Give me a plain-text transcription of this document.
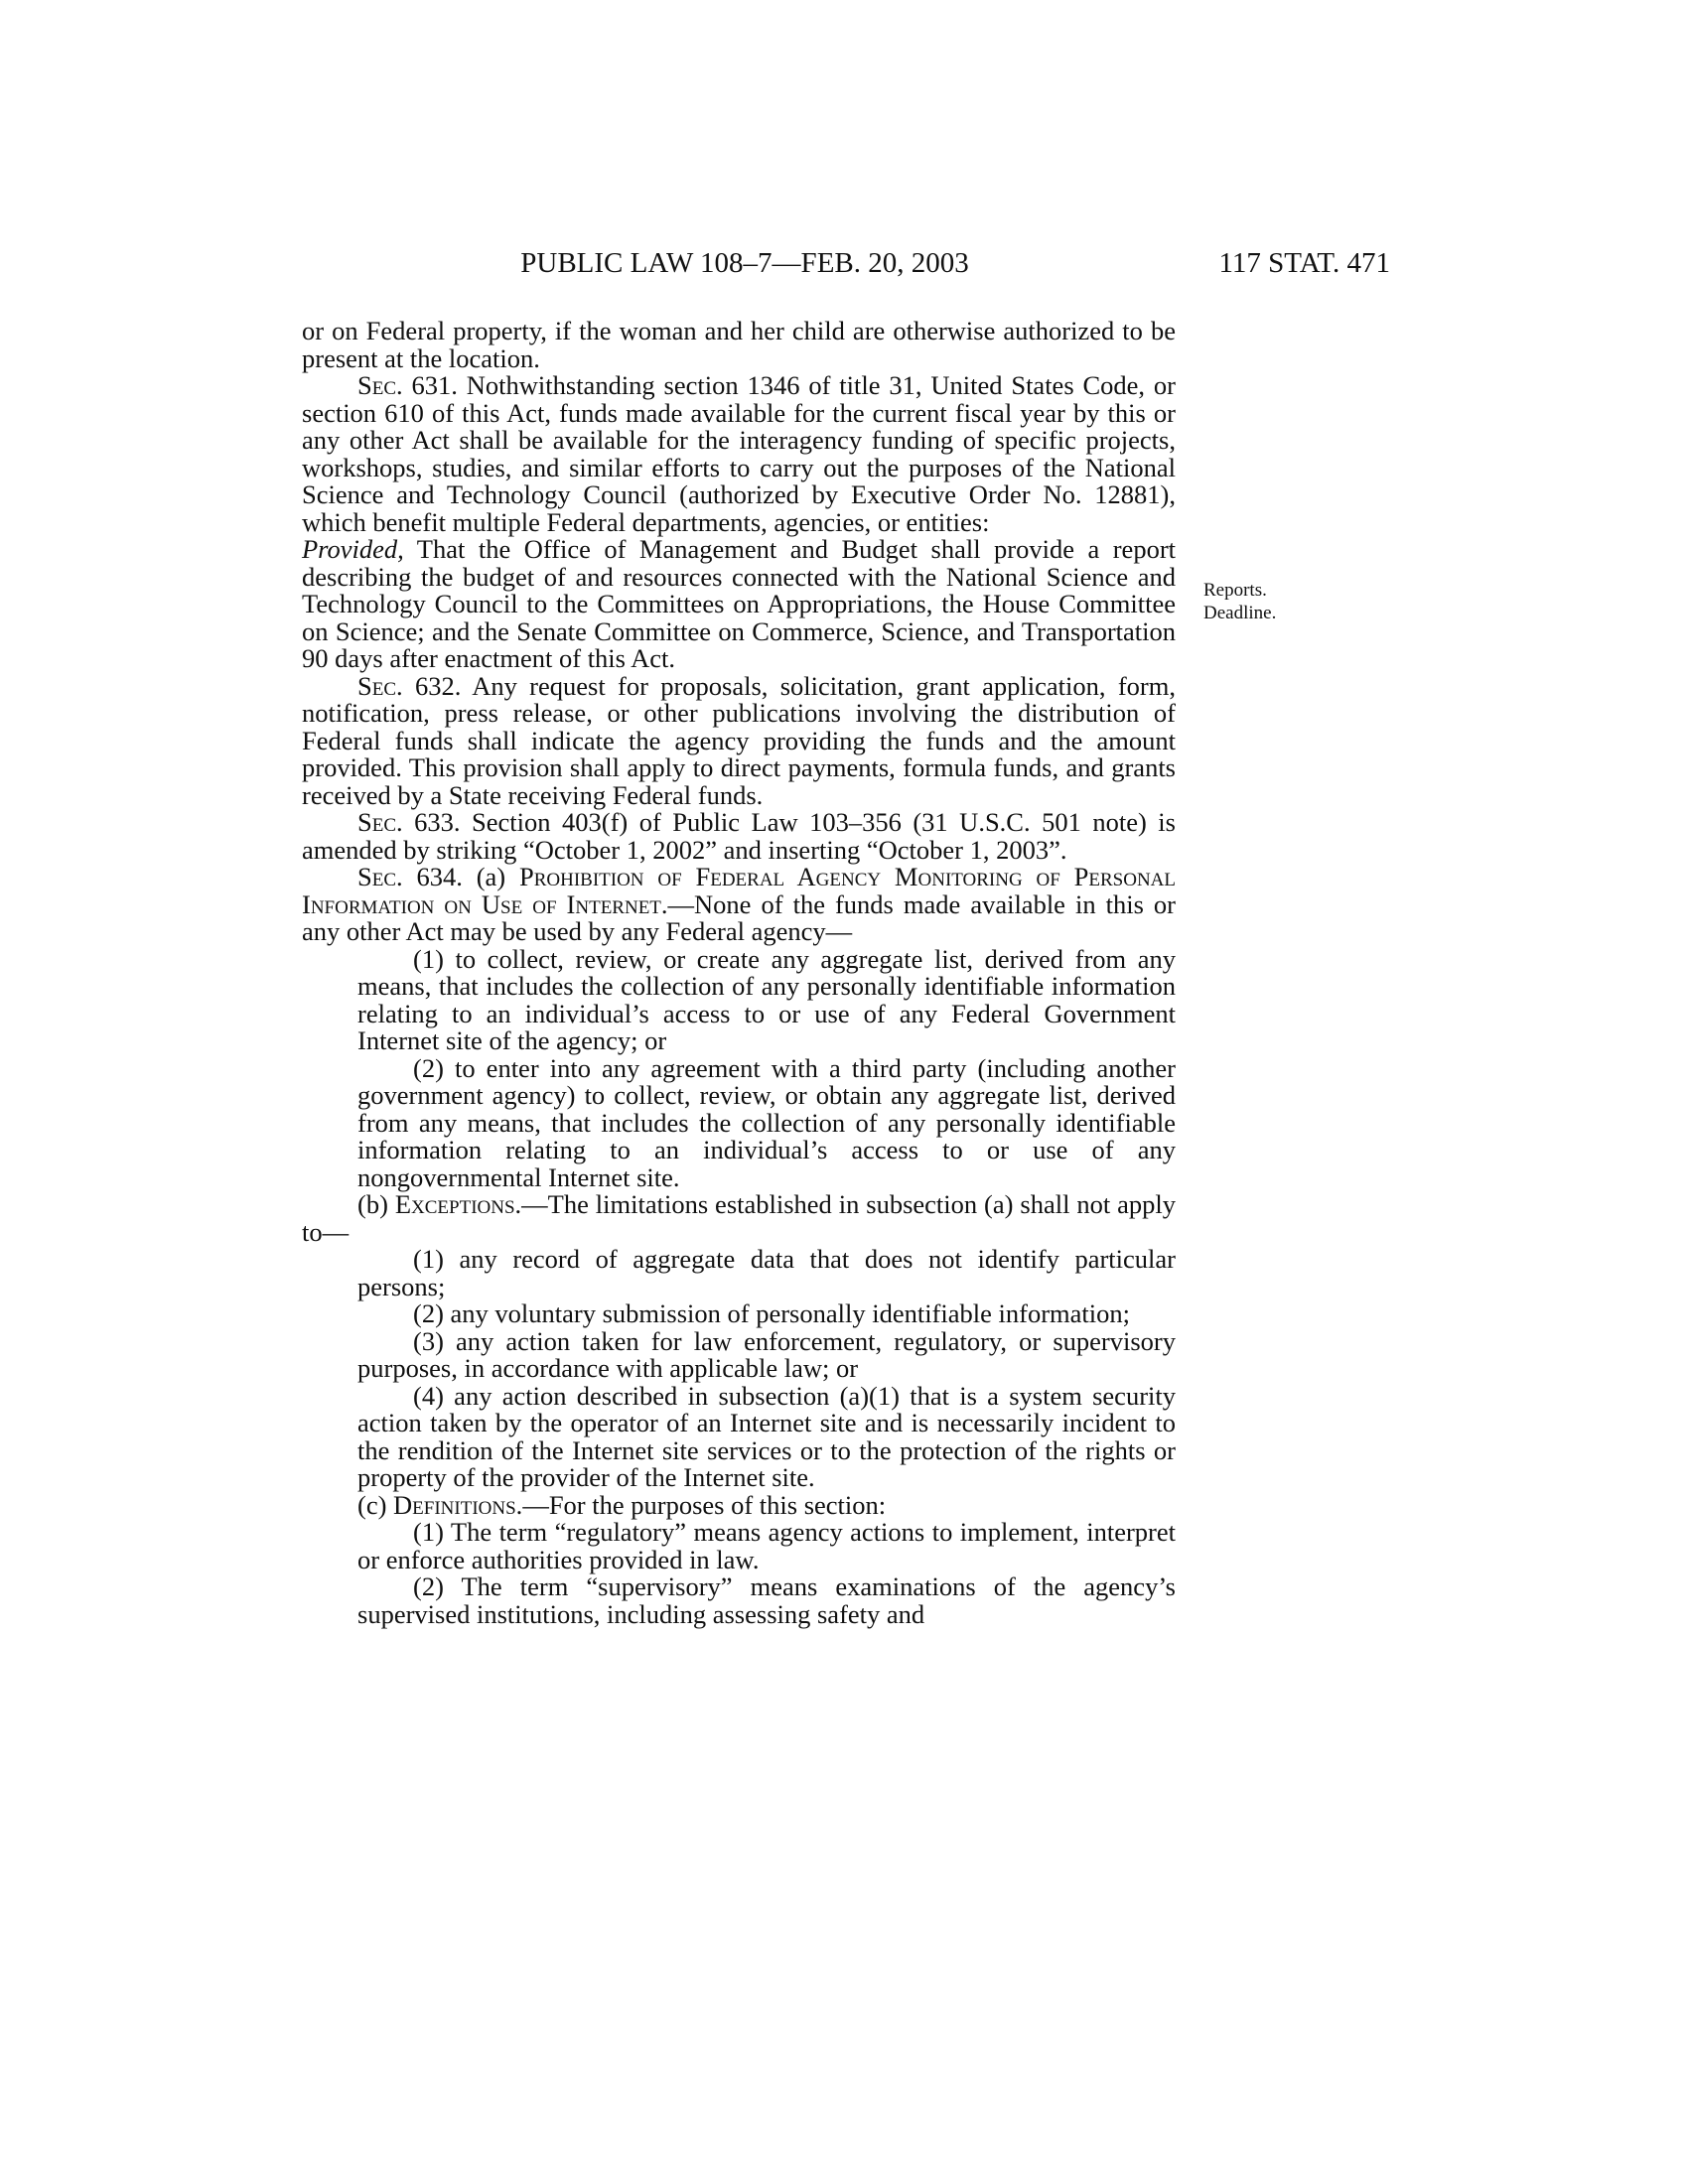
PUBLIC LAW 108–7—FEB. 20, 2003	117 STAT. 471
Reports.
Deadline.

or on Federal property, if the woman and her child are otherwise authorized to be present at the location.

Sec. 631. Nothwithstanding section 1346 of title 31, United States Code, or section 610 of this Act, funds made available for the current fiscal year by this or any other Act shall be available for the interagency funding of specific projects, workshops, studies, and similar efforts to carry out the purposes of the National Science and Technology Council (authorized by Executive Order No. 12881), which benefit multiple Federal departments, agencies, or entities:
Provided, That the Office of Management and Budget shall provide a report describing the budget of and resources connected with the National Science and Technology Council to the Committees on Appropriations, the House Committee on Science; and the Senate Committee on Commerce, Science, and Transportation 90 days after enactment of this Act.

Sec. 632. Any request for proposals, solicitation, grant application, form, notification, press release, or other publications involving the distribution of Federal funds shall indicate the agency providing the funds and the amount provided. This provision shall apply to direct payments, formula funds, and grants received by a State receiving Federal funds.

Sec. 633. Section 403(f) of Public Law 103–356 (31 U.S.C. 501 note) is amended by striking “October 1, 2002” and inserting “October 1, 2003”.

Sec. 634. (a) Prohibition of Federal Agency Monitoring of Personal Information on Use of Internet.—None of the funds made available in this or any other Act may be used by any Federal agency—

(1) to collect, review, or create any aggregate list, derived from any means, that includes the collection of any personally identifiable information relating to an individual’s access to or use of any Federal Government Internet site of the agency; or

(2) to enter into any agreement with a third party (including another government agency) to collect, review, or obtain any aggregate list, derived from any means, that includes the collection of any personally identifiable information relating to an individual’s access to or use of any nongovernmental Internet site.

(b) Exceptions.—The limitations established in subsection (a) shall not apply to—

(1) any record of aggregate data that does not identify particular persons;

(2) any voluntary submission of personally identifiable information;

(3) any action taken for law enforcement, regulatory, or supervisory purposes, in accordance with applicable law; or

(4) any action described in subsection (a)(1) that is a system security action taken by the operator of an Internet site and is necessarily incident to the rendition of the Internet site services or to the protection of the rights or property of the provider of the Internet site.

(c) Definitions.—For the purposes of this section:

(1) The term “regulatory” means agency actions to implement, interpret or enforce authorities provided in law.

(2) The term “supervisory” means examinations of the agency’s supervised institutions, including assessing safety and
